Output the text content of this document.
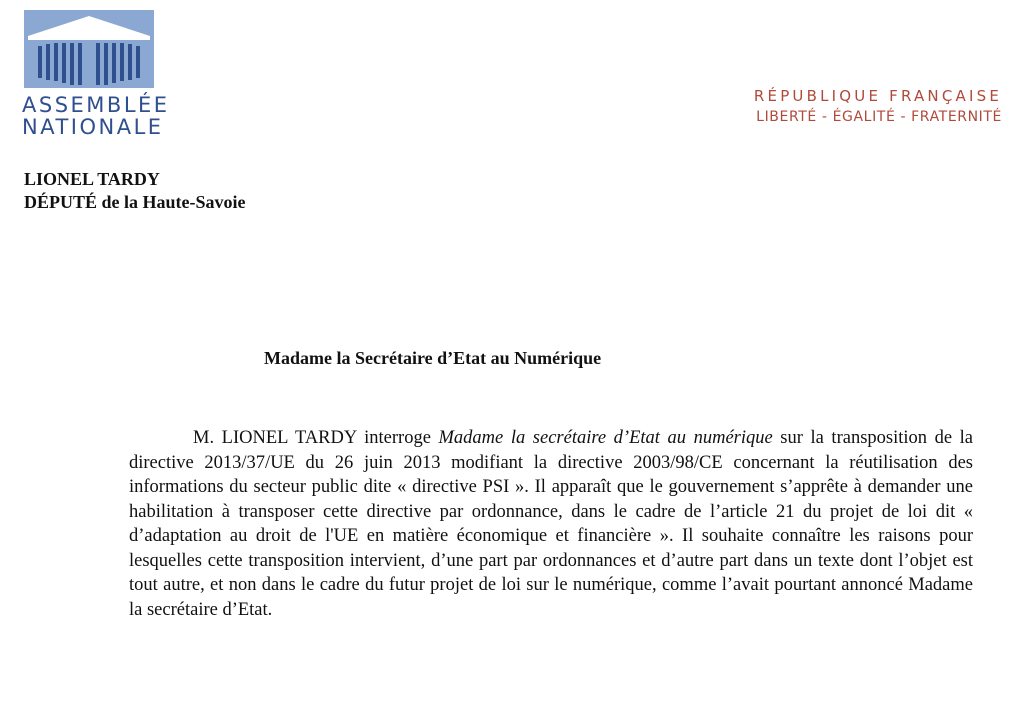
ASSEMBLÉE
NATIONALE
RÉPUBLIQUE FRANÇAISE
LIBERTÉ - ÉGALITÉ - FRATERNITÉ
LIONEL TARDY
DÉPUTÉ de la Haute-Savoie
Madame la Secrétaire d’Etat au Numérique

M. LIONEL TARDY interroge Madame la secrétaire d’Etat au numérique sur la transposition de la directive 2013/37/UE du 26 juin 2013 modifiant la directive 2003/98/CE concernant la réutilisation des informations du secteur public dite « directive PSI ». Il apparaît que le gouvernement s’apprête à demander une habilitation à transposer cette directive par ordonnance, dans le cadre de l’article 21 du projet de loi dit « d’adaptation au droit de l'UE en matière économique et financière ». Il souhaite connaître les raisons pour lesquelles cette transposition intervient, d’une part par ordonnances et d’autre part dans un texte dont l’objet est tout autre, et non dans le cadre du futur projet de loi sur le numérique, comme l’avait pourtant annoncé Madame la secrétaire d’Etat.
